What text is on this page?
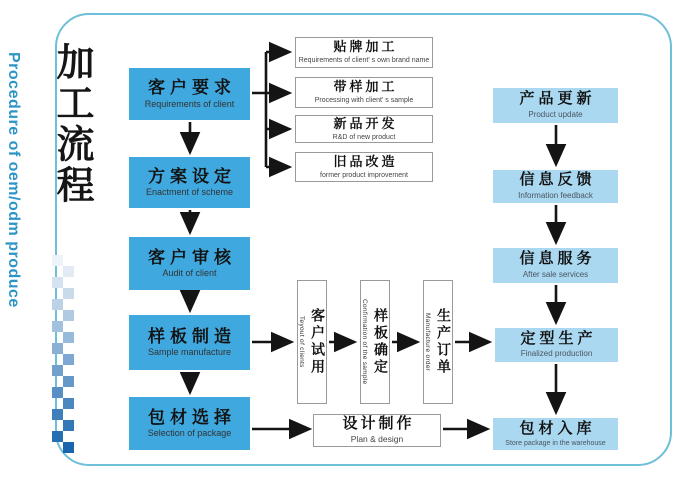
加工流程
Procedure of oem/odm produce	客户要求
Requirements of client
方案设定
Enactment of scheme
客户审核
Audit of client
样板制造
Sample manufacture
包材选择
Selection of package
贴牌加工
Requirements of client' s own brand name
带样加工
Processing with client' s sample
新品开发
R&D of new product
旧品改造
former product improvement
Teyout of clients 客户试用	Confirmation of the sample 样板确定	Manufacture order 生产订单
设计制作
Plan & design
产品更新
Product update
信息反馈
Information feedback
信息服务
After sale services
定型生产
Finalized production
包材入库
Store package in the warehouse
